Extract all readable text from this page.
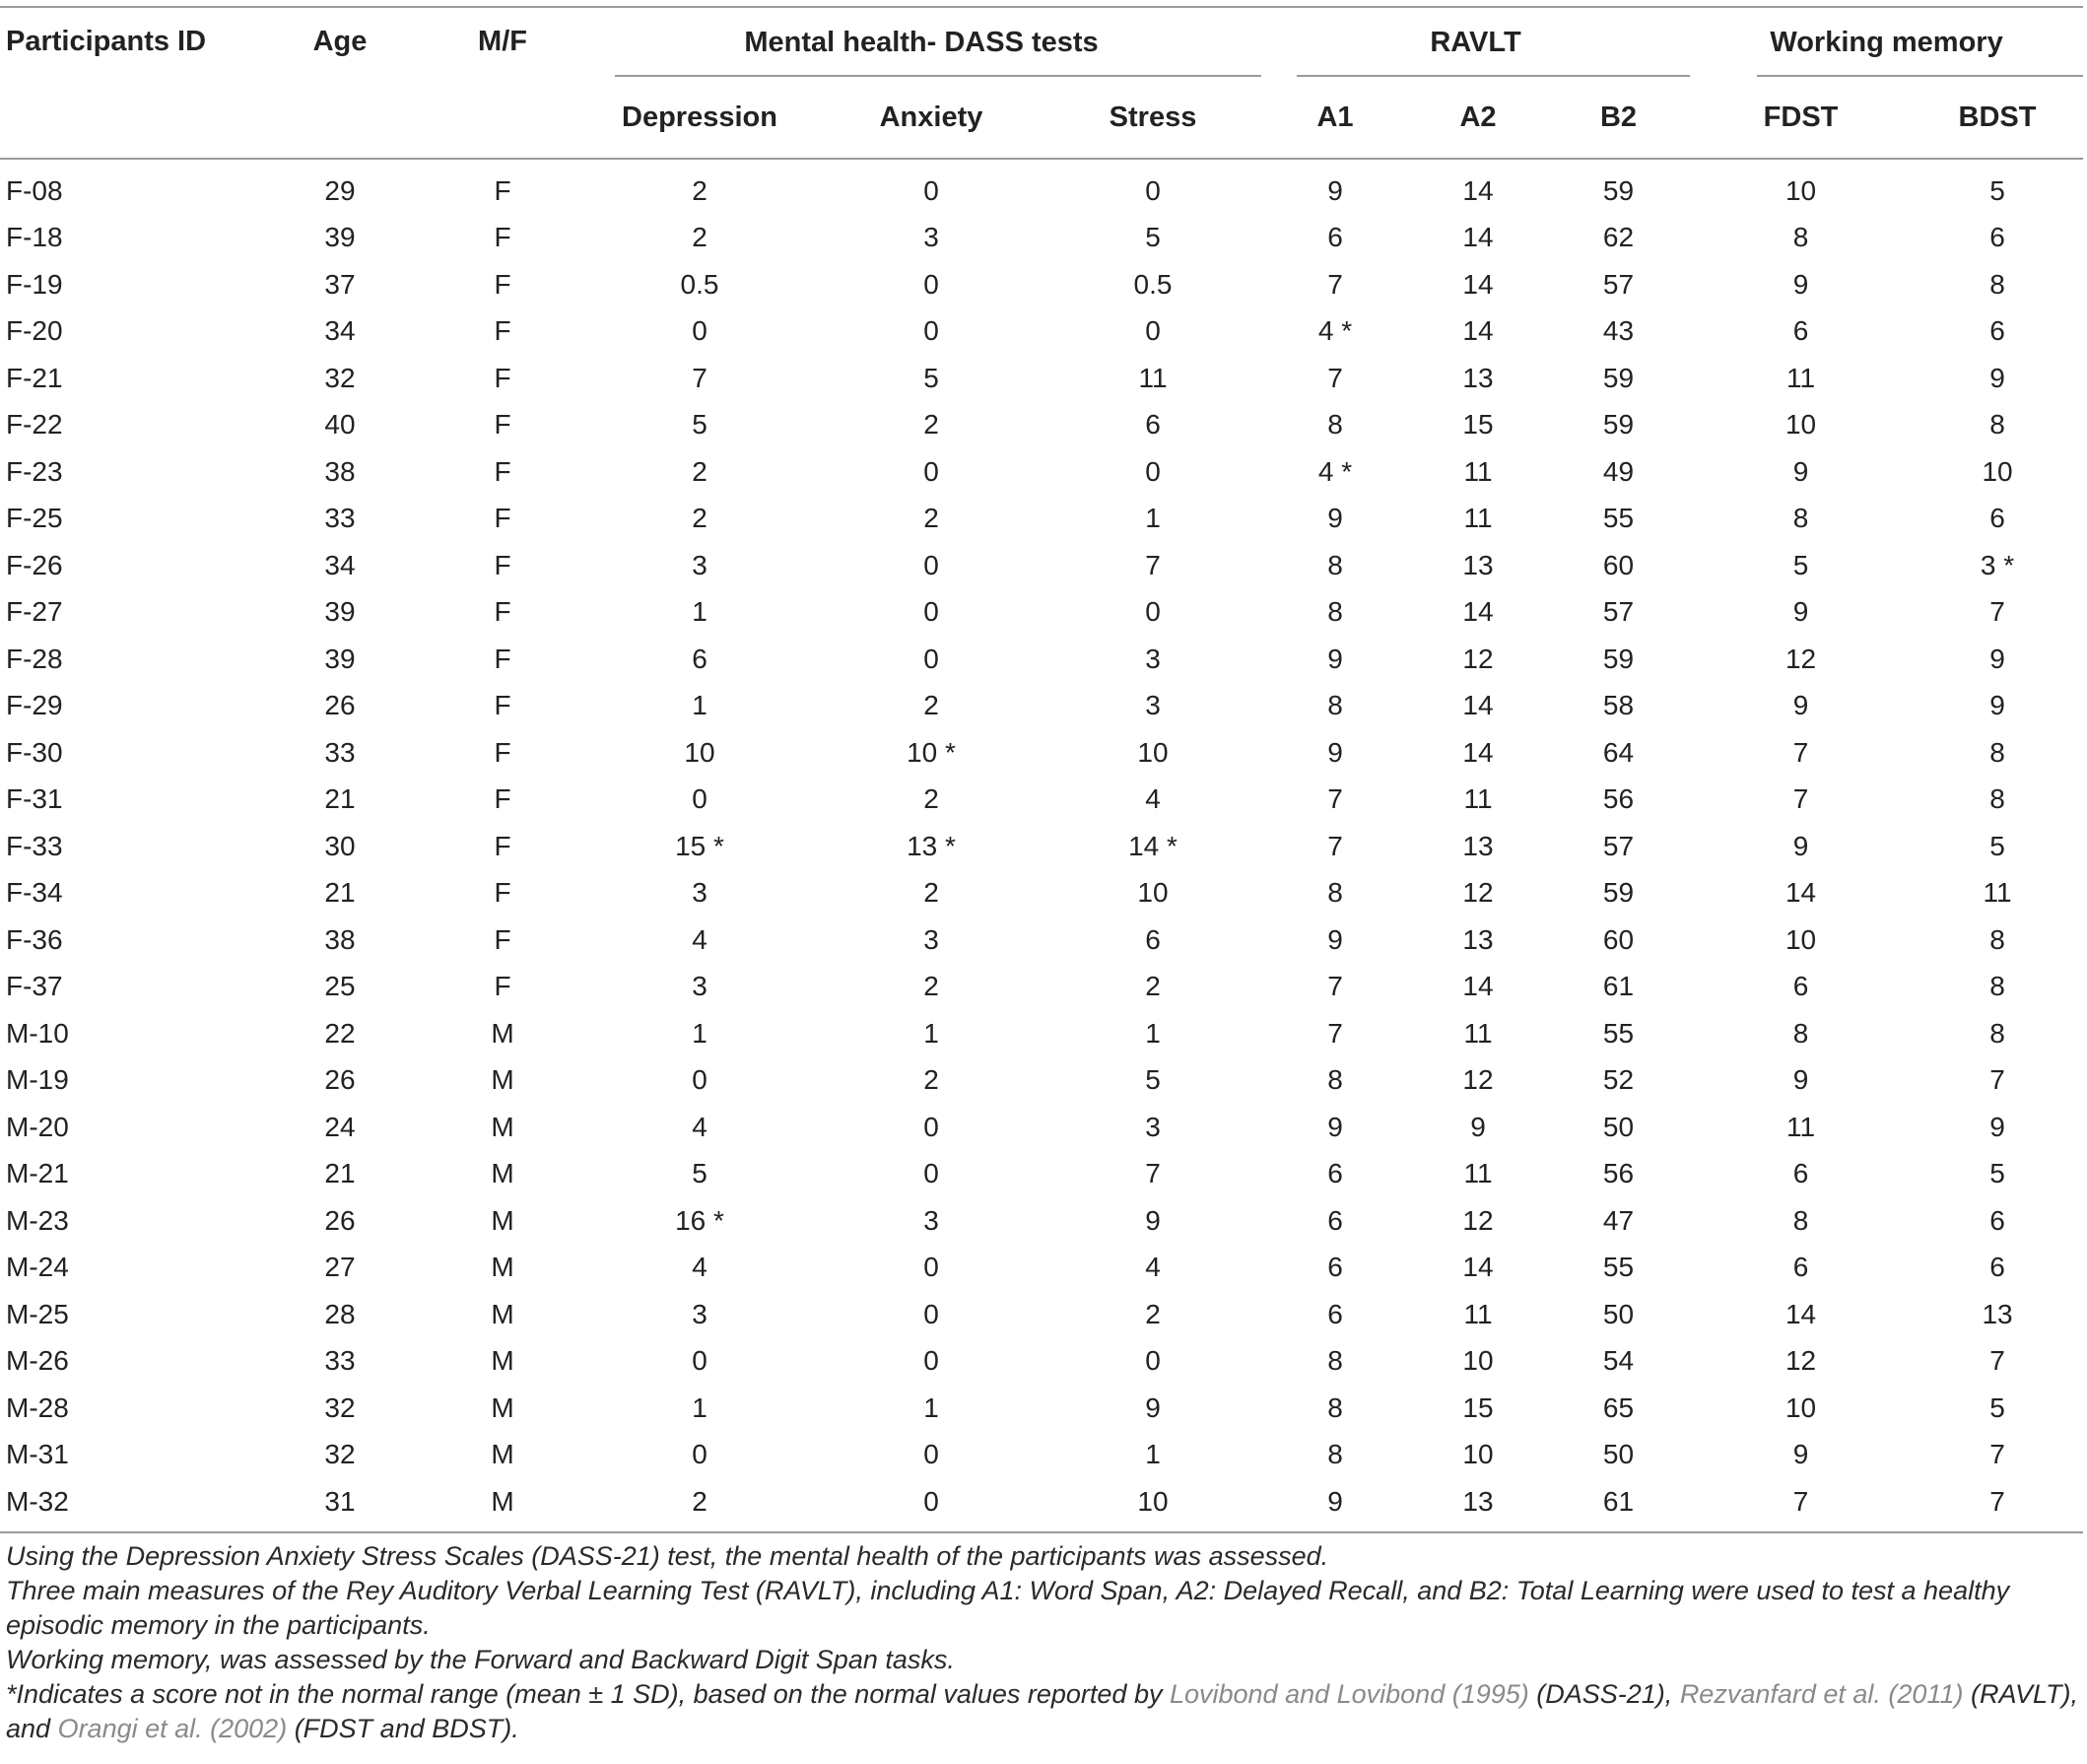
Participants ID	Age	M/F	Mental health- DASS tests			RAVLT			Working memory	

			Depression	Anxiety	Stress	A1	A2	B2	FDST	BDST
F-08	29	F	2	0	0	9	14	59	10	5
F-18	39	F	2	3	5	6	14	62	8	6
F-19	37	F	0.5	0	0.5	7	14	57	9	8
F-20	34	F	0	0	0	4 *	14	43	6	6
F-21	32	F	7	5	11	7	13	59	11	9
F-22	40	F	5	2	6	8	15	59	10	8
F-23	38	F	2	0	0	4 *	11	49	9	10
F-25	33	F	2	2	1	9	11	55	8	6
F-26	34	F	3	0	7	8	13	60	5	3 *
F-27	39	F	1	0	0	8	14	57	9	7
F-28	39	F	6	0	3	9	12	59	12	9
F-29	26	F	1	2	3	8	14	58	9	9
F-30	33	F	10	10 *	10	9	14	64	7	8
F-31	21	F	0	2	4	7	11	56	7	8
F-33	30	F	15 *	13 *	14 *	7	13	57	9	5
F-34	21	F	3	2	10	8	12	59	14	11
F-36	38	F	4	3	6	9	13	60	10	8
F-37	25	F	3	2	2	7	14	61	6	8
M-10	22	M	1	1	1	7	11	55	8	8
M-19	26	M	0	2	5	8	12	52	9	7
M-20	24	M	4	0	3	9	9	50	11	9
M-21	21	M	5	0	7	6	11	56	6	5
M-23	26	M	16 *	3	9	6	12	47	8	6
M-24	27	M	4	0	4	6	14	55	6	6
M-25	28	M	3	0	2	6	11	50	14	13
M-26	33	M	0	0	0	8	10	54	12	7
M-28	32	M	1	1	9	8	15	65	10	5
M-31	32	M	0	0	1	8	10	50	9	7
M-32	31	M	2	0	10	9	13	61	7	7

Using the Depression Anxiety Stress Scales (DASS-21) test, the mental health of the participants was assessed.

Three main measures of the Rey Auditory Verbal Learning Test (RAVLT), including A1: Word Span, A2: Delayed Recall, and B2: Total Learning were used to test a healthy episodic memory in the participants.

Working memory, was assessed by the Forward and Backward Digit Span tasks.

*Indicates a score not in the normal range (mean ± 1 SD), based on the normal values reported by Lovibond and Lovibond (1995) (DASS-21), Rezvanfard et al. (2011) (RAVLT), and Orangi et al. (2002) (FDST and BDST).
